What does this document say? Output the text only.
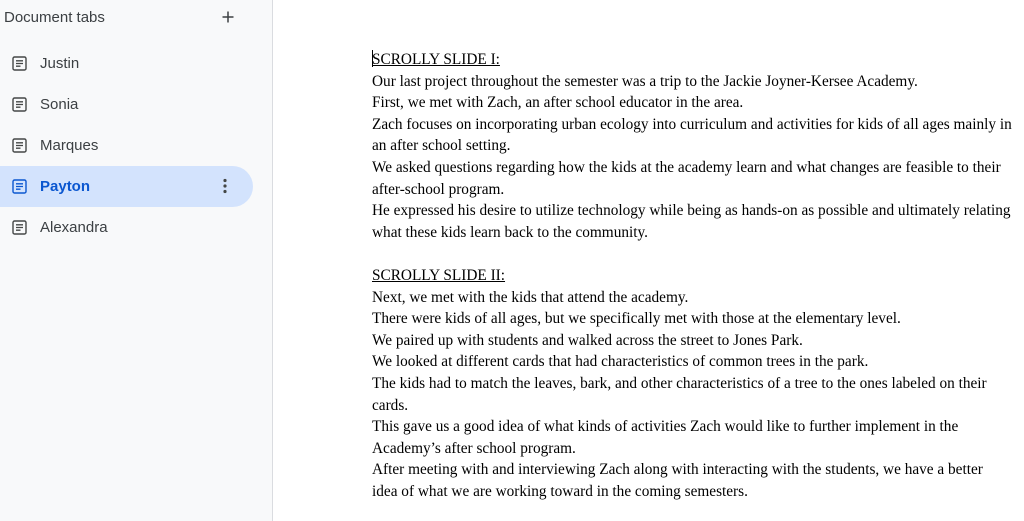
Document tabs
Justin
Sonia
Marques
Payton
Alexandra

SCROLLY SLIDE I:

Our last project throughout the semester was a trip to the Jackie Joyner-Kersee Academy.

First, we met with Zach, an after school educator in the area.

Zach focuses on incorporating urban ecology into curriculum and activities for kids of all ages mainly in an after school setting.

We asked questions regarding how the kids at the academy learn and what changes are feasible to their after-school program.

He expressed his desire to utilize technology while being as hands-on as possible and ultimately relating what these kids learn back to the community.

SCROLLY SLIDE II:

Next, we met with the kids that attend the academy.

There were kids of all ages, but we specifically met with those at the elementary level.

We paired up with students and walked across the street to Jones Park.

We looked at different cards that had characteristics of common trees in the park.

The kids had to match the leaves, bark, and other characteristics of a tree to the ones labeled on their cards.

This gave us a good idea of what kinds of activities Zach would like to further implement in the Academy’s after school program.

After meeting with and interviewing Zach along with interacting with the students, we have a better idea of what we are working toward in the coming semesters.
